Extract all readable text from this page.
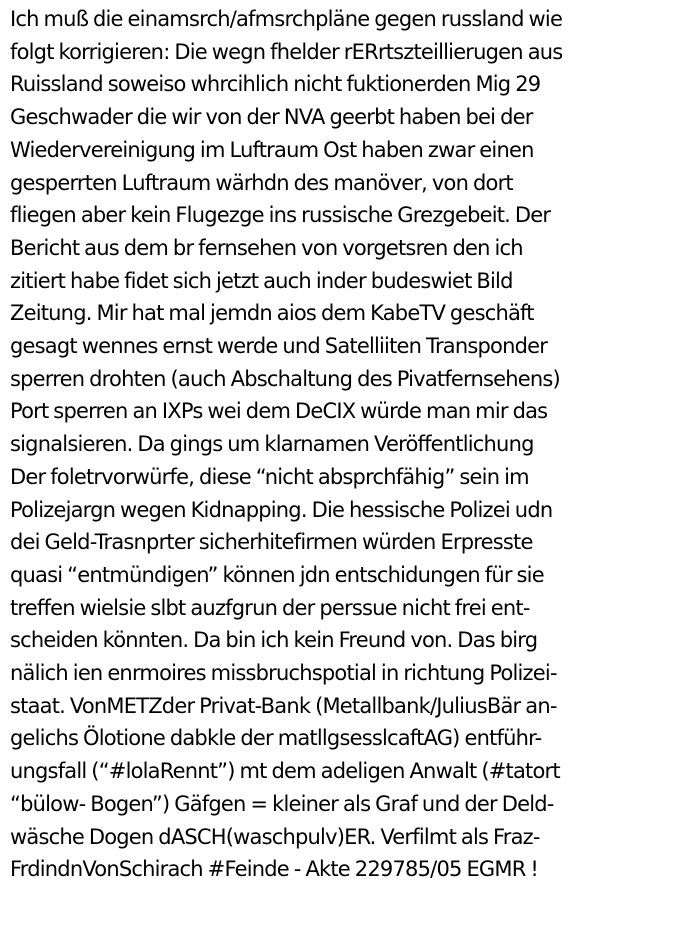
Ich muß die einamsrch/afmsrchpläne gegen russland wie
folgt korrigieren: Die wegn fhelder rERrtszteillierugen aus
Ruissland soweiso whrcihlich nicht fuktionerden Mig 29
Geschwader die wir von der NVA geerbt haben bei der
Wiedervereinigung im Luftraum Ost haben zwar einen
gesperrten Luftraum wärhdn des manöver, von dort
fliegen aber kein Flugezge ins russische Grezgebeit. Der
Bericht aus dem br fernsehen von vorgetsren den ich
zitiert habe fidet sich jetzt auch inder budeswiet Bild
Zeitung. Mir hat mal jemdn aios dem KabeTV geschäft
gesagt wennes ernst werde und Satelliiten Transponder
sperren drohten (auch Abschaltung des Pivatfernsehens)
Port sperren an IXPs wei dem DeCIX würde man mir das
signalsieren. Da gings um klarnamen Veröffentlichung
Der foletrvorwürfe, diese “nicht absprchfähig” sein im
Polizejargn wegen Kidnapping. Die hessische Polizei udn
dei Geld-Trasnprter sicherhitefirmen würden Erpresste
quasi “entmündigen” können jdn entschidungen für sie
treffen wielsie slbt auzfgrun der perssue nicht frei ent-
scheiden könnten. Da bin ich kein Freund von. Das birg
nälich ien enrmoires missbruchspotial in richtung Polizei-
staat. VonMETZder Privat-Bank (Metallbank/JuliusBär an-
gelichs Ölotione dabkle der matllgsesslcaftAG) entführ-
ungsfall (“#lolaRennt”) mt dem adeligen Anwalt (#tatort
“bülow- Bogen”) Gäfgen = kleiner als Graf und der Deld-
wäsche Dogen dASCH(waschpulv)ER. Verfilmt als Fraz-
FrdindnVonSchirach #Feinde - Akte 229785/05 EGMR !
